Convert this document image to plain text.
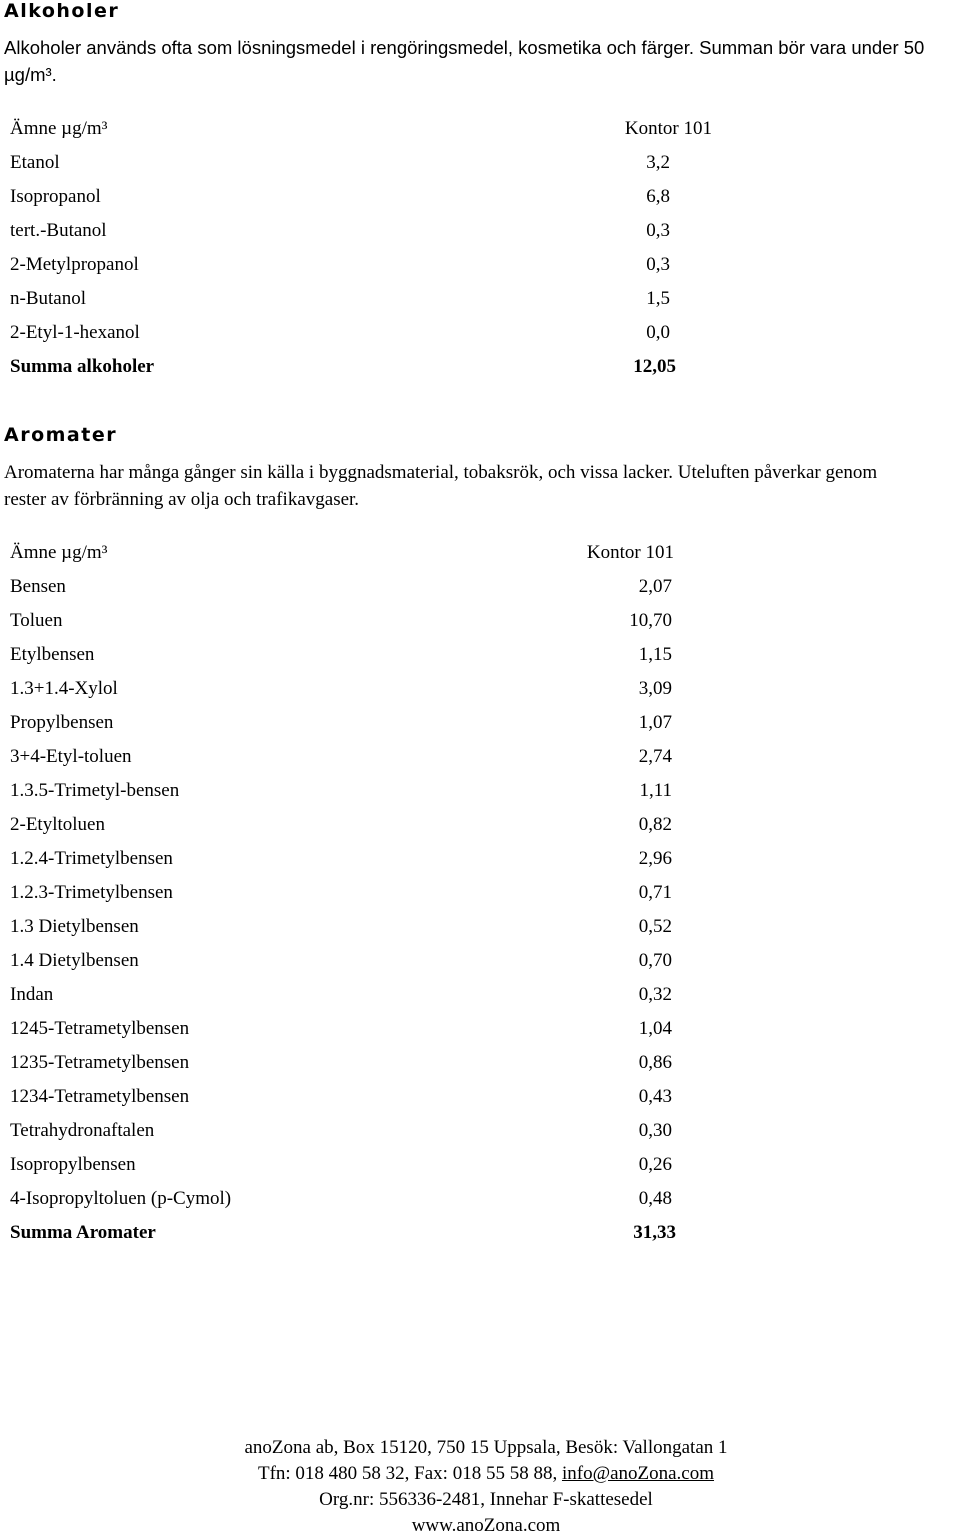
Alkoholer
Alkoholer används ofta som lösningsmedel i rengöringsmedel, kosmetika och färger. Summan bör vara under 50 µg/m³.
Ämne µg/m³	Kontor 101
Etanol	3,2
Isopropanol	6,8
tert.-Butanol	0,3
2-Metylpropanol	0,3
n-Butanol	1,5
2-Etyl-1-hexanol	0,0
Summa alkoholer	12,05
Aromater
Aromaterna har många gånger sin källa i byggnadsmaterial, tobaksrök, och vissa lacker. Uteluften påverkar genom rester av förbränning av olja och trafikavgaser.
Ämne µg/m³	Kontor 101
Bensen	2,07
Toluen	10,70
Etylbensen	1,15
1.3+1.4-Xylol	3,09
Propylbensen	1,07
3+4-Etyl-toluen	2,74
1.3.5-Trimetyl-bensen	1,11
2-Etyltoluen	0,82
1.2.4-Trimetylbensen	2,96
1.2.3-Trimetylbensen	0,71
1.3 Dietylbensen	0,52
1.4 Dietylbensen	0,70
Indan	0,32
1245-Tetrametylbensen	1,04
1235-Tetrametylbensen	0,86
1234-Tetrametylbensen	0,43
Tetrahydronaftalen	0,30
Isopropylbensen	0,26
4-Isopropyltoluen (p-Cymol)	0,48
Summa Aromater	31,33
anoZona ab, Box 15120, 750 15 Uppsala, Besök: Vallongatan 1
Tfn: 018 480 58 32, Fax: 018 55 58 88, info@anoZona.com
Org.nr: 556336-2481, Innehar F-skattesedel
www.anoZona.com
